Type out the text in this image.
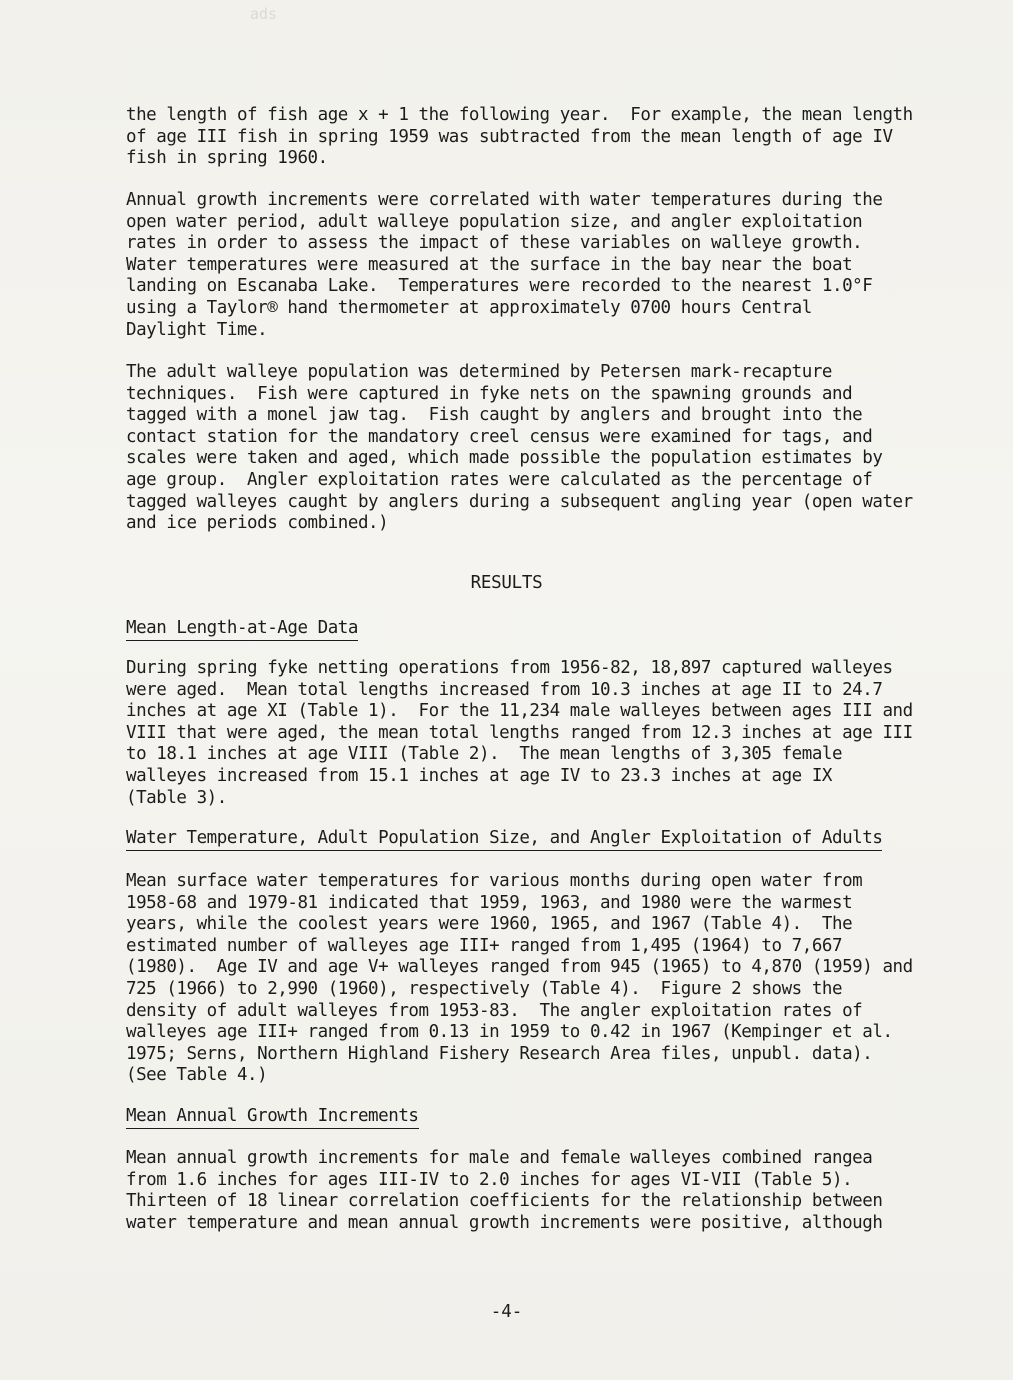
ads
the length of fish age x + 1 the following year.  For example, the mean length
of age III fish in spring 1959 was subtracted from the mean length of age IV
fish in spring 1960.
Annual growth increments were correlated with water temperatures during the
open water period, adult walleye population size, and angler exploitation
rates in order to assess the impact of these variables on walleye growth.
Water temperatures were measured at the surface in the bay near the boat
landing on Escanaba Lake.  Temperatures were recorded to the nearest 1.0°F
using a Taylor® hand thermometer at approximately 0700 hours Central
Daylight Time.
The adult walleye population was determined by Petersen mark-recapture
techniques.  Fish were captured in fyke nets on the spawning grounds and
tagged with a monel jaw tag.  Fish caught by anglers and brought into the
contact station for the mandatory creel census were examined for tags, and
scales were taken and aged, which made possible the population estimates by
age group.  Angler exploitation rates were calculated as the percentage of
tagged walleyes caught by anglers during a subsequent angling year (open water
and ice periods combined.)
RESULTS
Mean Length-at-Age Data
During spring fyke netting operations from 1956-82, 18,897 captured walleyes
were aged.  Mean total lengths increased from 10.3 inches at age II to 24.7
inches at age XI (Table 1).  For the 11,234 male walleyes between ages III and
VIII that were aged, the mean total lengths ranged from 12.3 inches at age III
to 18.1 inches at age VIII (Table 2).  The mean lengths of 3,305 female
walleyes increased from 15.1 inches at age IV to 23.3 inches at age IX
(Table 3).
Water Temperature, Adult Population Size, and Angler Exploitation of Adults
Mean surface water temperatures for various months during open water from
1958-68 and 1979-81 indicated that 1959, 1963, and 1980 were the warmest
years, while the coolest years were 1960, 1965, and 1967 (Table 4).  The
estimated number of walleyes age III+ ranged from 1,495 (1964) to 7,667
(1980).  Age IV and age V+ walleyes ranged from 945 (1965) to 4,870 (1959) and
725 (1966) to 2,990 (1960), respectively (Table 4).  Figure 2 shows the
density of adult walleyes from 1953-83.  The angler exploitation rates of
walleyes age III+ ranged from 0.13 in 1959 to 0.42 in 1967 (Kempinger et al.
1975; Serns, Northern Highland Fishery Research Area files, unpubl. data).
(See Table 4.)
Mean Annual Growth Increments
Mean annual growth increments for male and female walleyes combined rangea
from 1.6 inches for ages III-IV to 2.0 inches for ages VI-VII (Table 5).
Thirteen of 18 linear correlation coefficients for the relationship between
water temperature and mean annual growth increments were positive, although
-4-
